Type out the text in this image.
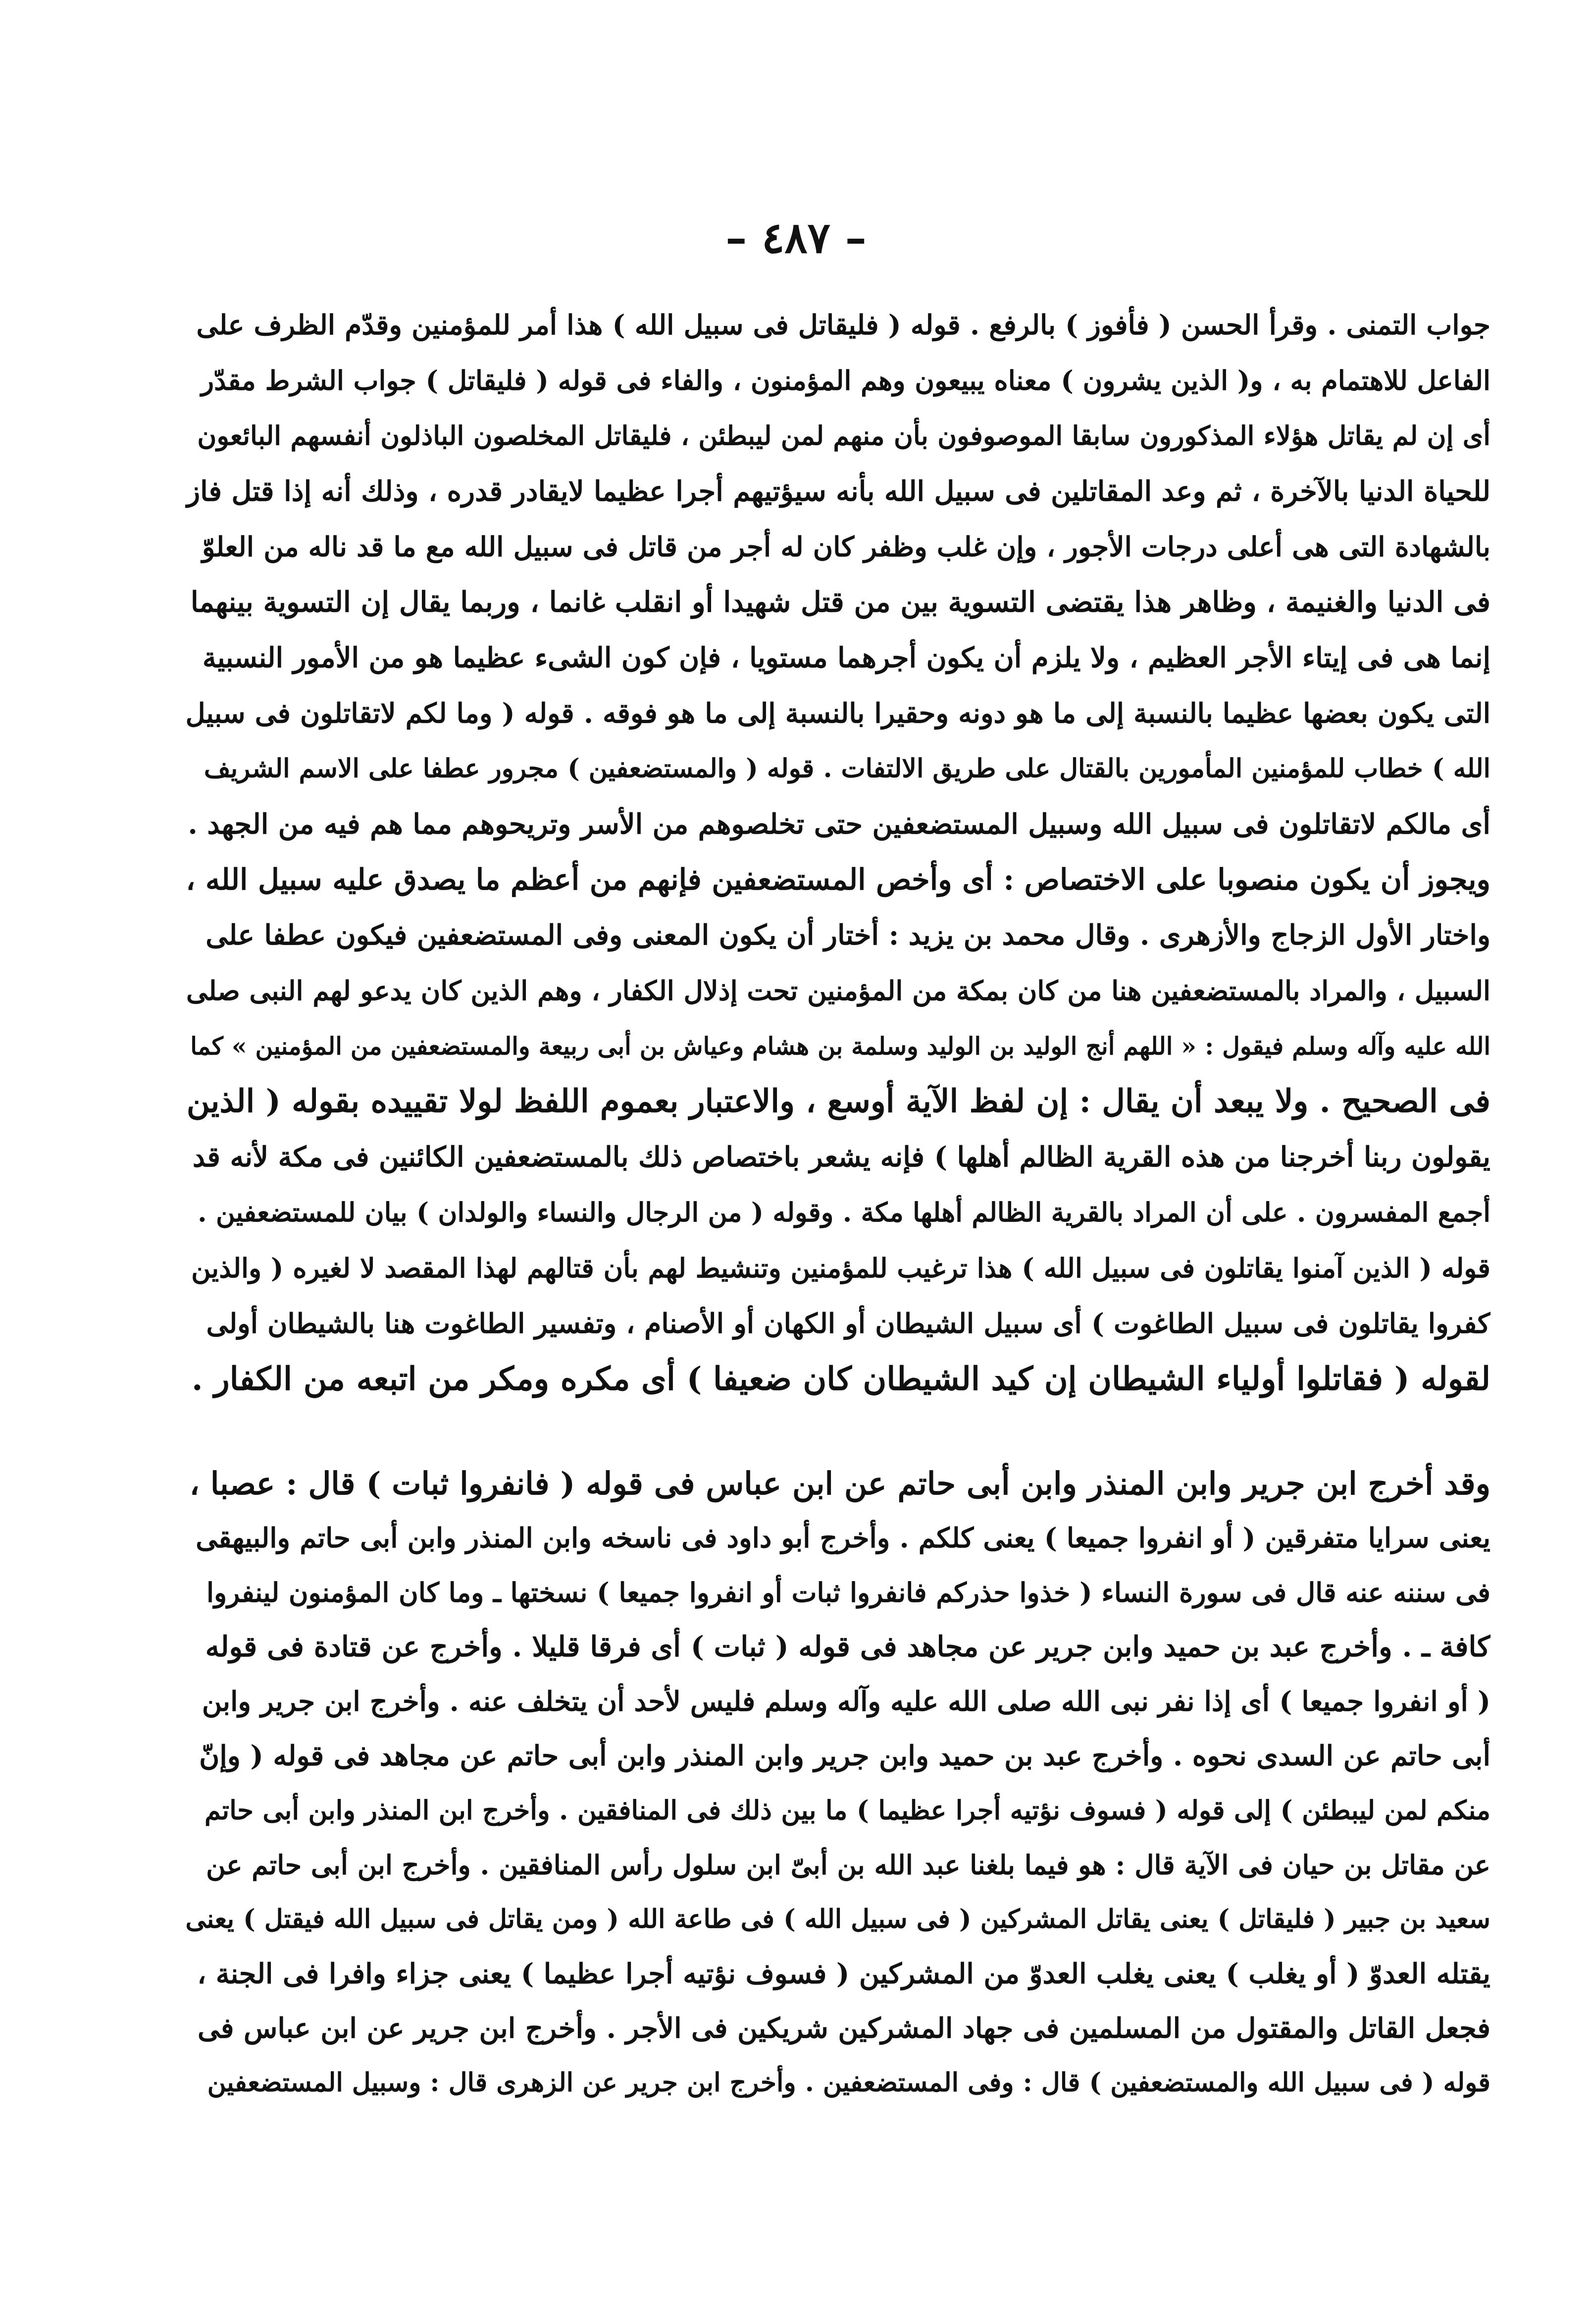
– ٤٨٧ –
جواب التمنى . وقرأ الحسن ( فأفوز ) بالرفع . قوله ( فليقاتل فى سبيل الله ) هذا أمر للمؤمنين وقدّم الظرف على
الفاعل للاهتمام به ، و( الذين يشرون ) معناه يبيعون وهم المؤمنون ، والفاء فى قوله ( فليقاتل ) جواب الشرط مقدّر
أى إن لم يقاتل هؤلاء المذكورون سابقا الموصوفون بأن منهم لمن ليبطئن ، فليقاتل المخلصون الباذلون أنفسهم البائعون
للحياة الدنيا بالآخرة ، ثم وعد المقاتلين فى سبيل الله بأنه سيؤتيهم أجرا عظيما لايقادر قدره ، وذلك أنه إذا قتل فاز
بالشهادة التى هى أعلى درجات الأجور ، وإن غلب وظفر كان له أجر من قاتل فى سبيل الله مع ما قد ناله من العلوّ
فى الدنيا والغنيمة ، وظاهر هذا يقتضى التسوية بين من قتل شهيدا أو انقلب غانما ، وربما يقال إن التسوية بينهما
إنما هى فى إيتاء الأجر العظيم ، ولا يلزم أن يكون أجرهما مستويا ، فإن كون الشىء عظيما هو من الأمور النسبية
التى يكون بعضها عظيما بالنسبة إلى ما هو دونه وحقيرا بالنسبة إلى ما هو فوقه . قوله ( وما لكم لاتقاتلون فى سبيل
الله ) خطاب للمؤمنين المأمورين بالقتال على طريق الالتفات . قوله ( والمستضعفين ) مجرور عطفا على الاسم الشريف
أى مالكم لاتقاتلون فى سبيل الله وسبيل المستضعفين حتى تخلصوهم من الأسر وتريحوهم مما هم فيه من الجهد .
ويجوز أن يكون منصوبا على الاختصاص : أى وأخص المستضعفين فإنهم من أعظم ما يصدق عليه سبيل الله ،
واختار الأول الزجاج والأزهرى . وقال محمد بن يزيد : أختار أن يكون المعنى وفى المستضعفين فيكون عطفا على
السبيل ، والمراد بالمستضعفين هنا من كان بمكة من المؤمنين تحت إذلال الكفار ، وهم الذين كان يدعو لهم النبى صلى
الله عليه وآله وسلم فيقول : « اللهم أنج الوليد بن الوليد وسلمة بن هشام وعياش بن أبى ربيعة والمستضعفين من المؤمنين » كما
فى الصحيح . ولا يبعد أن يقال : إن لفظ الآية أوسع ، والاعتبار بعموم اللفظ لولا تقييده بقوله ( الذين
يقولون ربنا أخرجنا من هذه القرية الظالم أهلها ) فإنه يشعر باختصاص ذلك بالمستضعفين الكائنين فى مكة لأنه قد
أجمع المفسرون . على أن المراد بالقرية الظالم أهلها مكة . وقوله ( من الرجال والنساء والولدان ) بيان للمستضعفين .
قوله ( الذين آمنوا يقاتلون فى سبيل الله ) هذا ترغيب للمؤمنين وتنشيط لهم بأن قتالهم لهذا المقصد لا لغيره ( والذين
كفروا يقاتلون فى سبيل الطاغوت ) أى سبيل الشيطان أو الكهان أو الأصنام ، وتفسير الطاغوت هنا بالشيطان أولى
لقوله ( فقاتلوا أولياء الشيطان إن كيد الشيطان كان ضعيفا ) أى مكره ومكر من اتبعه من الكفار .
وقد أخرج ابن جرير وابن المنذر وابن أبى حاتم عن ابن عباس فى قوله ( فانفروا ثبات ) قال : عصبا ،
يعنى سرايا متفرقين ( أو انفروا جميعا ) يعنى كلكم . وأخرج أبو داود فى ناسخه وابن المنذر وابن أبى حاتم والبيهقى
فى سننه عنه قال فى سورة النساء ( خذوا حذركم فانفروا ثبات أو انفروا جميعا ) نسختها ـ وما كان المؤمنون لينفروا
كافة ـ . وأخرج عبد بن حميد وابن جرير عن مجاهد فى قوله ( ثبات ) أى فرقا قليلا . وأخرج عن قتادة فى قوله
( أو انفروا جميعا ) أى إذا نفر نبى الله صلى الله عليه وآله وسلم فليس لأحد أن يتخلف عنه . وأخرج ابن جرير وابن
أبى حاتم عن السدى نحوه . وأخرج عبد بن حميد وابن جرير وابن المنذر وابن أبى حاتم عن مجاهد فى قوله ( وإنّ
منكم لمن ليبطئن ) إلى قوله ( فسوف نؤتيه أجرا عظيما ) ما بين ذلك فى المنافقين . وأخرج ابن المنذر وابن أبى حاتم
عن مقاتل بن حيان فى الآية قال : هو فيما بلغنا عبد الله بن أبىّ ابن سلول رأس المنافقين . وأخرج ابن أبى حاتم عن
سعيد بن جبير ( فليقاتل ) يعنى يقاتل المشركين ( فى سبيل الله ) فى طاعة الله ( ومن يقاتل فى سبيل الله فيقتل ) يعنى
يقتله العدوّ ( أو يغلب ) يعنى يغلب العدوّ من المشركين ( فسوف نؤتيه أجرا عظيما ) يعنى جزاء وافرا فى الجنة ،
فجعل القاتل والمقتول من المسلمين فى جهاد المشركين شريكين فى الأجر . وأخرج ابن جرير عن ابن عباس فى
قوله ( فى سبيل الله والمستضعفين ) قال : وفى المستضعفين . وأخرج ابن جرير عن الزهرى قال : وسبيل المستضعفين
